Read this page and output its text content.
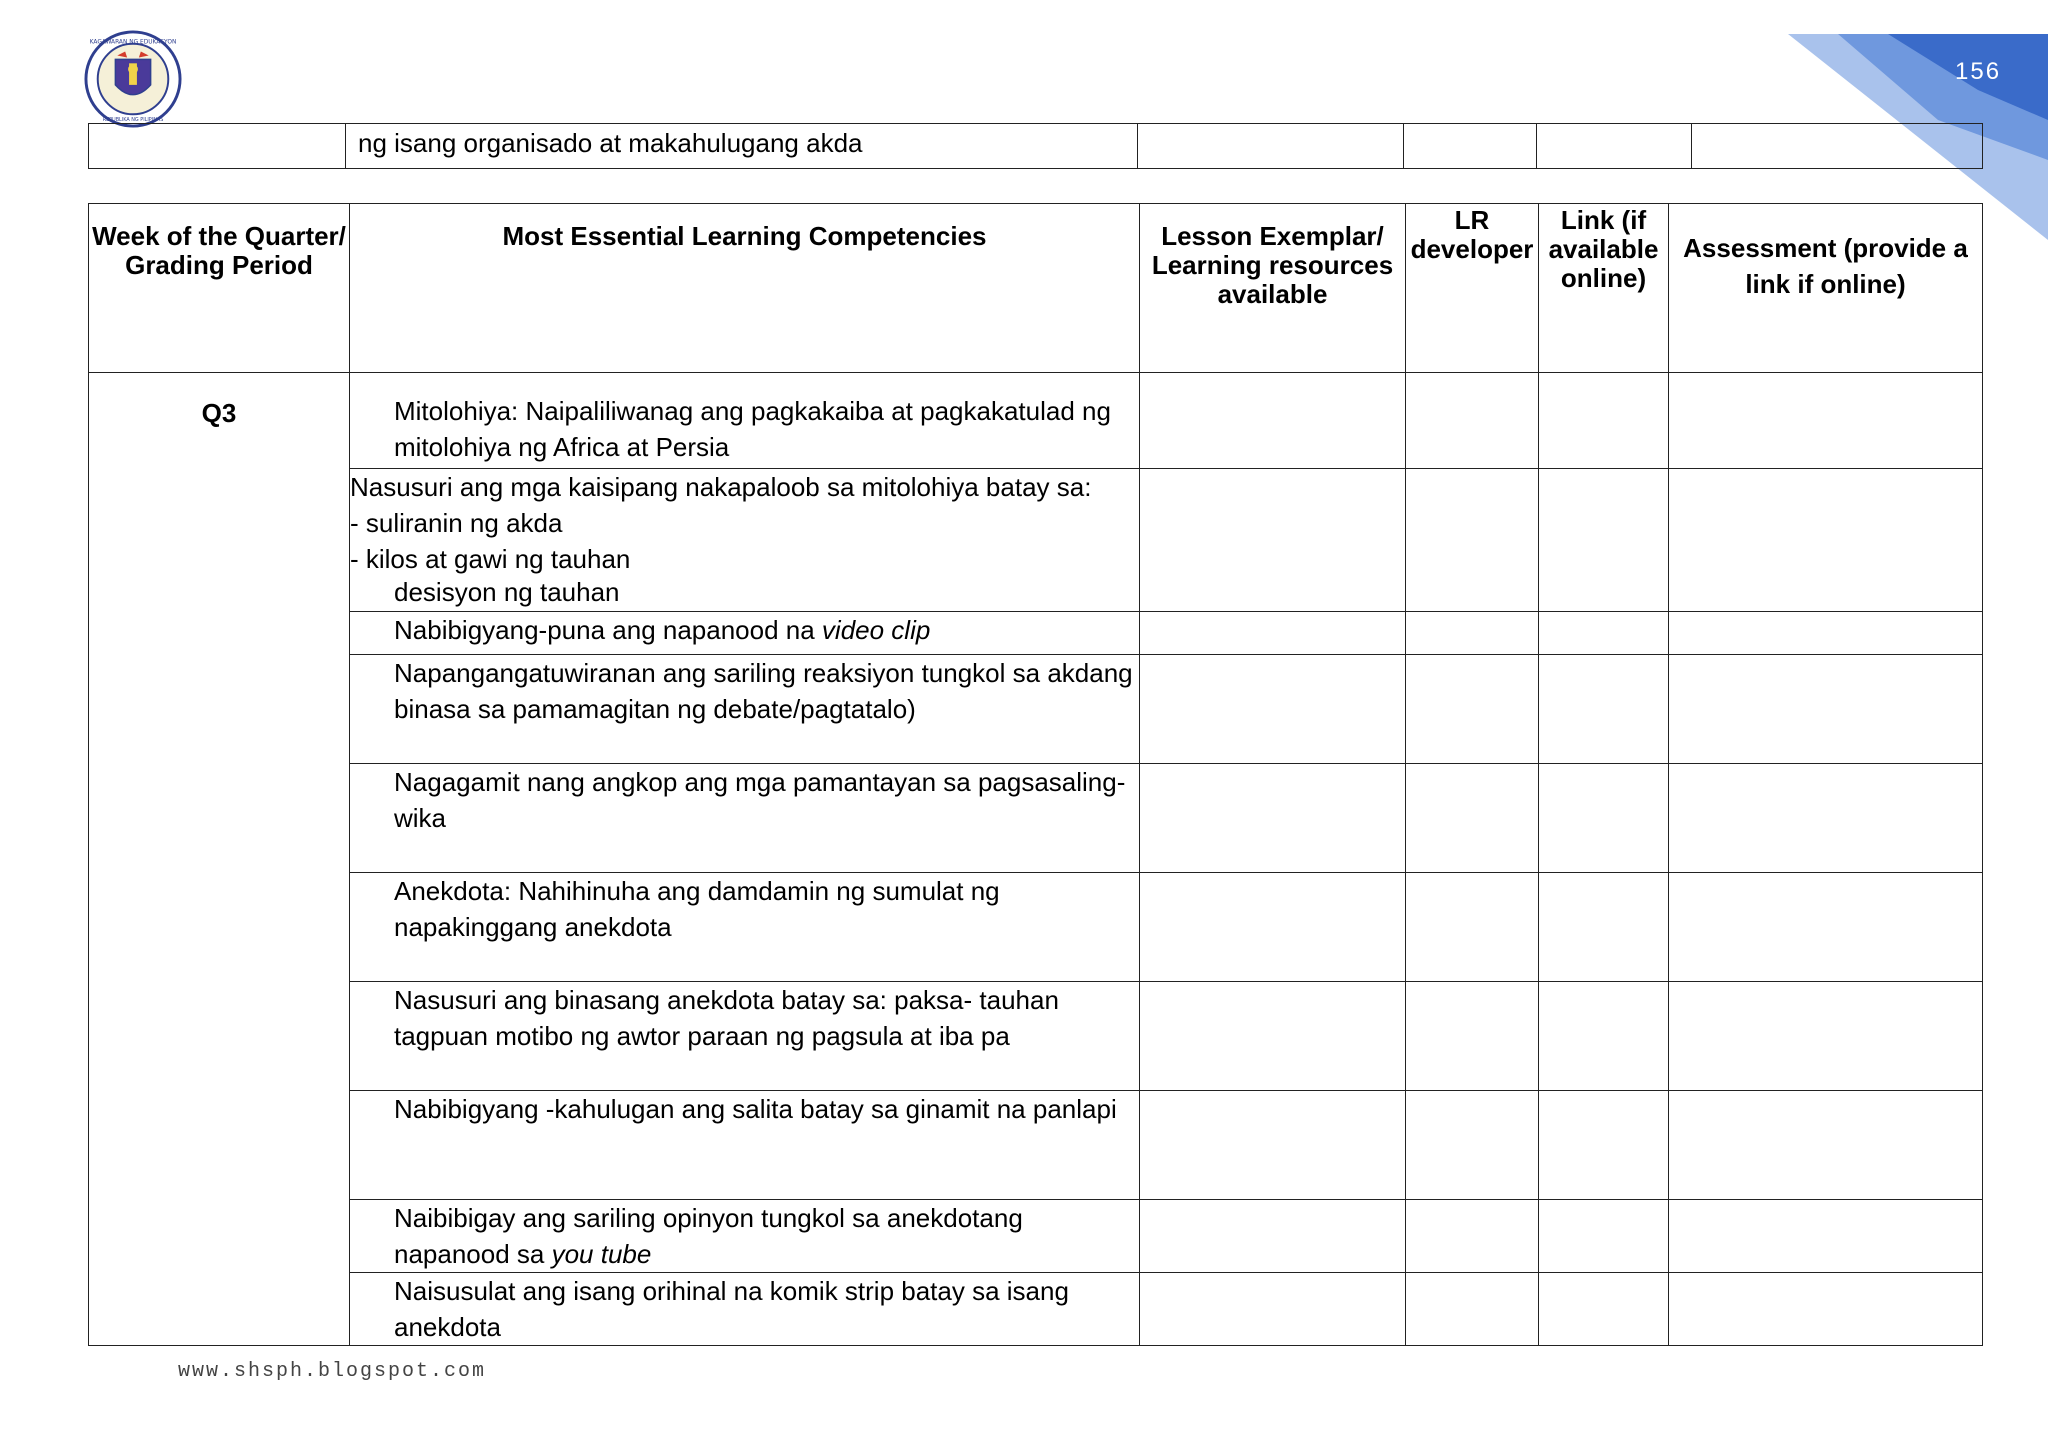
KAGAWARAN NG EDUKASYON
REPUBLIKA NG PILIPINAS
156
	ng isang organisado at makahulugang akda				
Week of the Quarter/ Grading Period	Most Essential Learning Competencies	Lesson Exemplar/ Learning resources available	LR developer	Link (if available online)	Assessment (provide a link if online)
Q3	Mitolohiya: Naipaliliwanag ang pagkakaiba at pagkakatulad ng mitolohiya ng Africa at Persia				

	Nasusuri ang mga kaisipang nakapaloob sa mitolohiya batay sa:
- suliranin ng akda
- kilos at gawi ng tauhan
desisyon ng tauhan				

	Nabibigyang-puna ang napanood na video clip				
	Napangangatuwiranan ang sariling reaksiyon tungkol sa akdang binasa sa pamamagitan ng debate/pagtatalo)				
	Nagagamit nang angkop ang mga pamantayan sa pagsasaling-wika				
	Anekdota: Nahihinuha ang damdamin ng sumulat ng napakinggang anekdota				
	Nasusuri ang binasang anekdota batay sa: paksa- tauhan tagpuan motibo ng awtor paraan ng pagsula at iba pa				
	Nabibigyang -kahulugan ang salita batay sa ginamit na panlapi				
	Naibibigay ang sariling opinyon tungkol sa anekdotang napanood sa you tube				
	Naisusulat ang isang orihinal na komik strip batay sa isang anekdota				
www.shsph.blogspot.com
